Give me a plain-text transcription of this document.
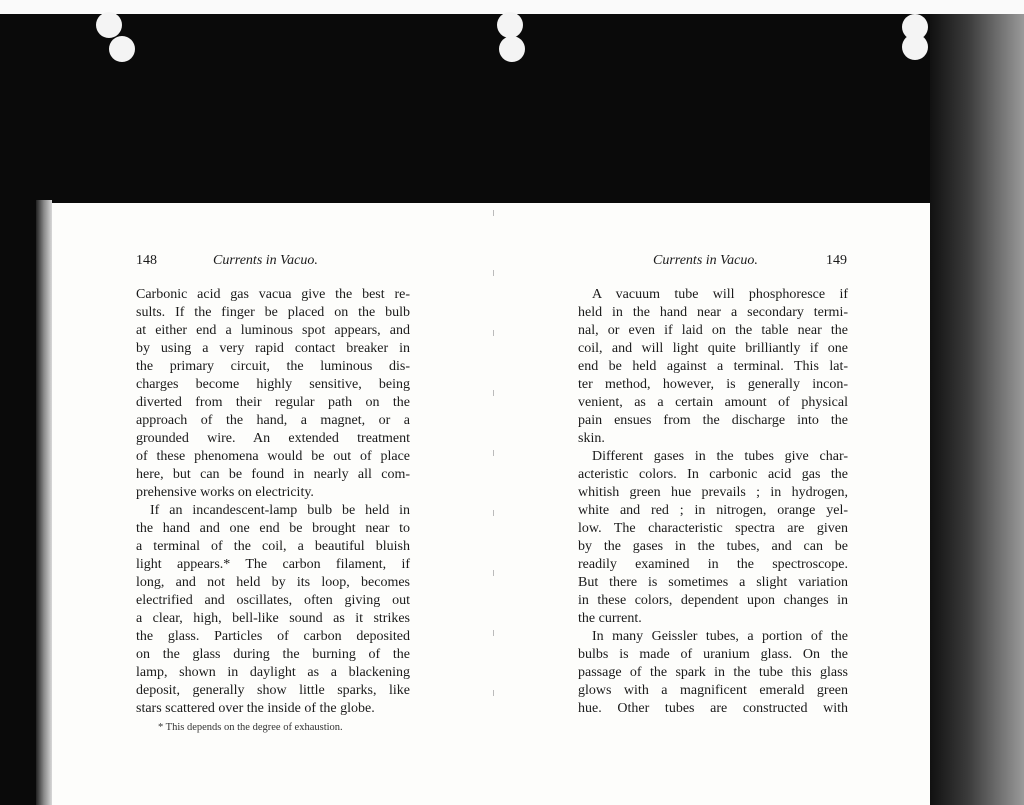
148	Currents in Vacuo.
Carbonic acid gas vacua give the best re-
sults. If the finger be placed on the bulb
at either end a luminous spot appears, and
by using a very rapid contact breaker in
the primary circuit, the luminous dis-
charges become highly sensitive, being
diverted from their regular path on the
approach of the hand, a magnet, or a
grounded wire. An extended treatment
of these phenomena would be out of place
here, but can be found in nearly all com-
prehensive works on electricity.
If an incandescent-lamp bulb be held in
the hand and one end be brought near to
a terminal of the coil, a beautiful bluish
light appears.* The carbon filament, if
long, and not held by its loop, becomes
electrified and oscillates, often giving out
a clear, high, bell-like sound as it strikes
the glass. Particles of carbon deposited
on the glass during the burning of the
lamp, shown in daylight as a blackening
deposit, generally show little sparks, like
stars scattered over the inside of the globe.
* This depends on the degree of exhaustion.
Currents in Vacuo.	149
A vacuum tube will phosphoresce if
held in the hand near a secondary termi-
nal, or even if laid on the table near the
coil, and will light quite brilliantly if one
end be held against a terminal. This lat-
ter method, however, is generally incon-
venient, as a certain amount of physical
pain ensues from the discharge into the
skin.
Different gases in the tubes give char-
acteristic colors. In carbonic acid gas the
whitish green hue prevails ; in hydrogen,
white and red ; in nitrogen, orange yel-
low. The characteristic spectra are given
by the gases in the tubes, and can be
readily examined in the spectroscope.
But there is sometimes a slight variation
in these colors, dependent upon changes in
the current.
In many Geissler tubes, a portion of the
bulbs is made of uranium glass. On the
passage of the spark in the tube this glass
glows with a magnificent emerald green
hue. Other tubes are constructed with
